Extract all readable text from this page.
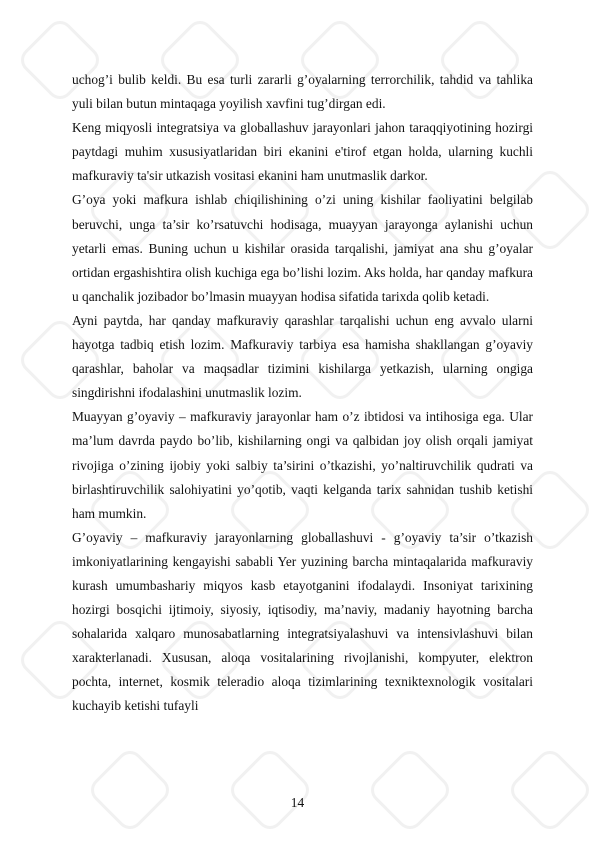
uchog’i bulib keldi. Bu esa turli zararli g’oyalarning terrorchilik, tahdid va tahlika yuli bilan butun mintaqaga yoyilish xavfini tug’dirgan edi.

Keng miqyosli integratsiya va globallashuv jarayonlari jahon taraqqiyotining hozirgi paytdagi muhim xususiyatlaridan biri ekanini e'tirof etgan holda, ularning kuchli mafkuraviy ta'sir utkazish vositasi ekanini ham unutmaslik darkor.

G’oya yoki mafkura ishlab chiqilishining o’zi uning kishilar faoliyatini belgilab beruvchi, unga ta’sir ko’rsatuvchi hodisaga, muayyan jarayonga aylanishi uchun yetarli emas. Buning uchun u kishilar orasida tarqalishi, jamiyat ana shu g’oyalar ortidan ergashishtira olish kuchiga ega bo’lishi lozim. Aks holda, har qanday mafkura u qanchalik jozibador bo’lmasin muayyan hodisa sifatida tarixda qolib ketadi.

Ayni paytda, har qanday mafkuraviy qarashlar tarqalishi uchun eng avvalo ularni hayotga tadbiq etish lozim. Mafkuraviy tarbiya esa hamisha shakllangan g’oyaviy qarashlar, baholar va maqsadlar tizimini kishilarga yetkazish, ularning ongiga singdirishni ifodalashini unutmaslik lozim.

Muayyan g’oyaviy – mafkuraviy jarayonlar ham o’z ibtidosi va intihosiga ega. Ular ma’lum davrda paydo bo’lib, kishilarning ongi va qalbidan joy olish orqali jamiyat rivojiga o’zining ijobiy yoki salbiy ta’sirini o’tkazishi, yo’naltiruvchilik qudrati va birlashtiruvchilik salohiyatini yo’qotib, vaqti kelganda tarix sahnidan tushib ketishi ham mumkin.

G’oyaviy – mafkuraviy jarayonlarning globallashuvi - g’oyaviy ta’sir o’tkazish imkoniyatlarining kengayishi sababli Yer yuzining barcha mintaqalarida mafkuraviy kurash umumbashariy miqyos kasb etayotganini ifodalaydi. Insoniyat tarixining hozirgi bosqichi ijtimoiy, siyosiy, iqtisodiy, ma’naviy, madaniy hayotning barcha sohalarida xalqaro munosabatlarning integratsiyalashuvi va intensivlashuvi bilan xarakterlanadi. Xususan, aloqa vositalarining rivojlanishi, kompyuter, elektron pochta, internet, kosmik teleradio aloqa tizimlarining texniktexnologik vositalari kuchayib ketishi tufayli

14
